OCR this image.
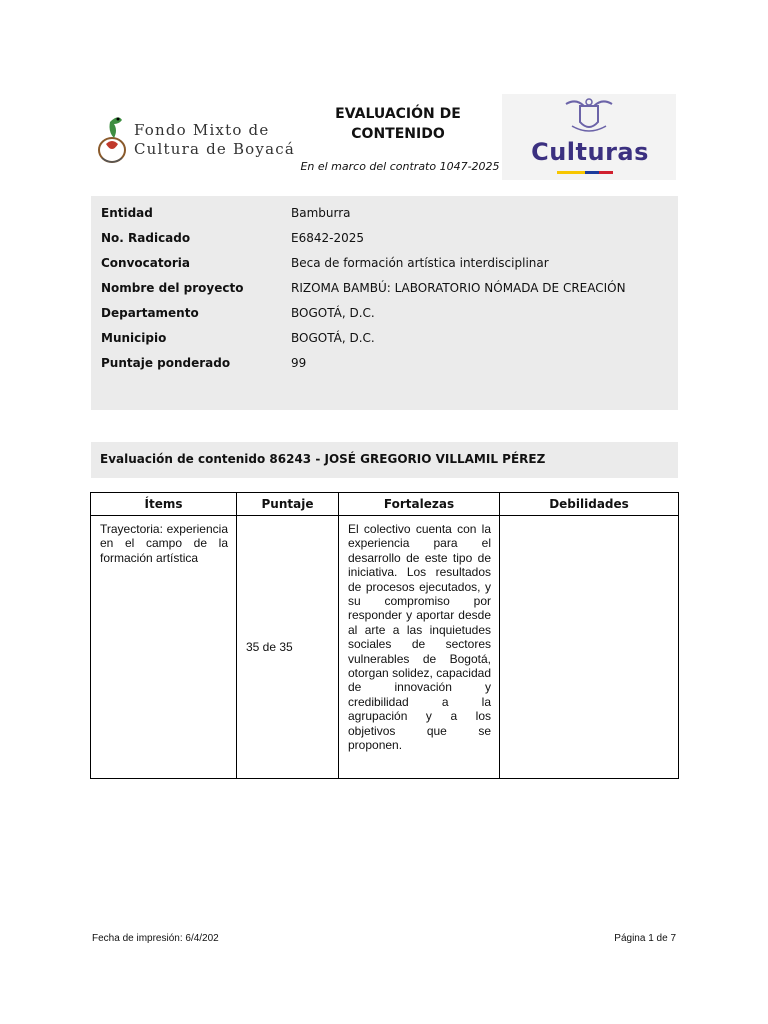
Fondo Mixto de
Cultura de Boyacá
EVALUACIÓN DE
CONTENIDO
En el marco del contrato 1047-2025
Culturas
Entidad	Bamburra
No. Radicado	E6842-2025
Convocatoria	Beca de formación artística interdisciplinar
Nombre del proyecto	RIZOMA BAMBÚ: LABORATORIO NÓMADA DE CREACIÓN
Departamento	BOGOTÁ, D.C.
Municipio	BOGOTÁ, D.C.
Puntaje ponderado	99
Evaluación de contenido 86243 - JOSÉ GREGORIO VILLAMIL PÉREZ
Ítems	Puntaje	Fortalezas	Debilidades
Trayectoria: experiencia en el campo de la formación artística	35 de 35	El colectivo cuenta con la experiencia para el desarrollo de este tipo de iniciativa. Los resultados de procesos ejecutados, y su compromiso por responder y aportar desde al arte a las inquietudes sociales de sectores vulnerables de Bogotá, otorgan solidez, capacidad de innovación y credibilidad a la agrupación y a los objetivos que se proponen.	
Fecha de impresión: 6/4/202	Página 1 de 7
